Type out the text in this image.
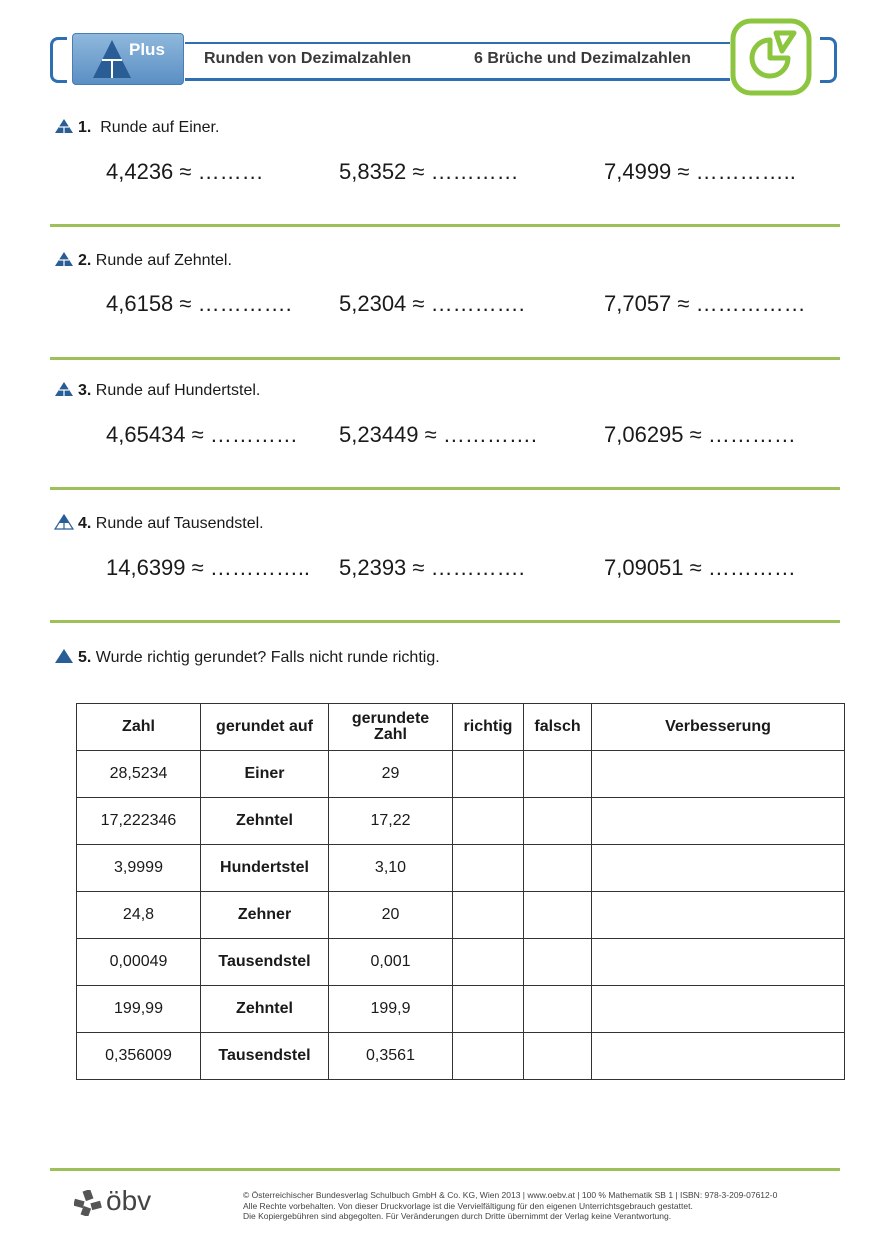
Plus Runden von Dezimalzahlen	6 Brüche und Dezimalzahlen
1. Runde auf Einer.
4,4236 ≈ ………	5,8352 ≈ …………	7,4999 ≈ …………..
2. Runde auf Zehntel.
4,6158 ≈ …………. 5,2304 ≈ ………….	7,7057 ≈ ……………
3. Runde auf Hundertstel.
4,65434 ≈ ………… 5,23449 ≈ ………….	7,06295 ≈ …………
4. Runde auf Tausendstel.
14,6399 ≈ ………….. 5,2393 ≈ ………….	7,09051 ≈ …………
5. Wurde richtig gerundet? Falls nicht runde richtig.
Zahl	gerundet auf	gerundete Zahl	richtig	falsch	Verbesserung
28,5234	Einer	29			
17,222346	Zehntel	17,22			
3,9999	Hundertstel	3,10			
24,8	Zehner	20			
0,00049	Tausendstel	0,001			
199,99	Zehntel	199,9			
0,356009	Tausendstel	0,3561			
öbv	© Österreichischer Bundesverlag Schulbuch GmbH & Co. KG, Wien 2013 | www.oebv.at | 100 % Mathematik SB 1 | ISBN: 978-3-209-07612-0
Alle Rechte vorbehalten. Von dieser Druckvorlage ist die Vervielfältigung für den eigenen Unterrichtsgebrauch gestattet.
Die Kopiergebühren sind abgegolten. Für Veränderungen durch Dritte übernimmt der Verlag keine Verantwortung.
